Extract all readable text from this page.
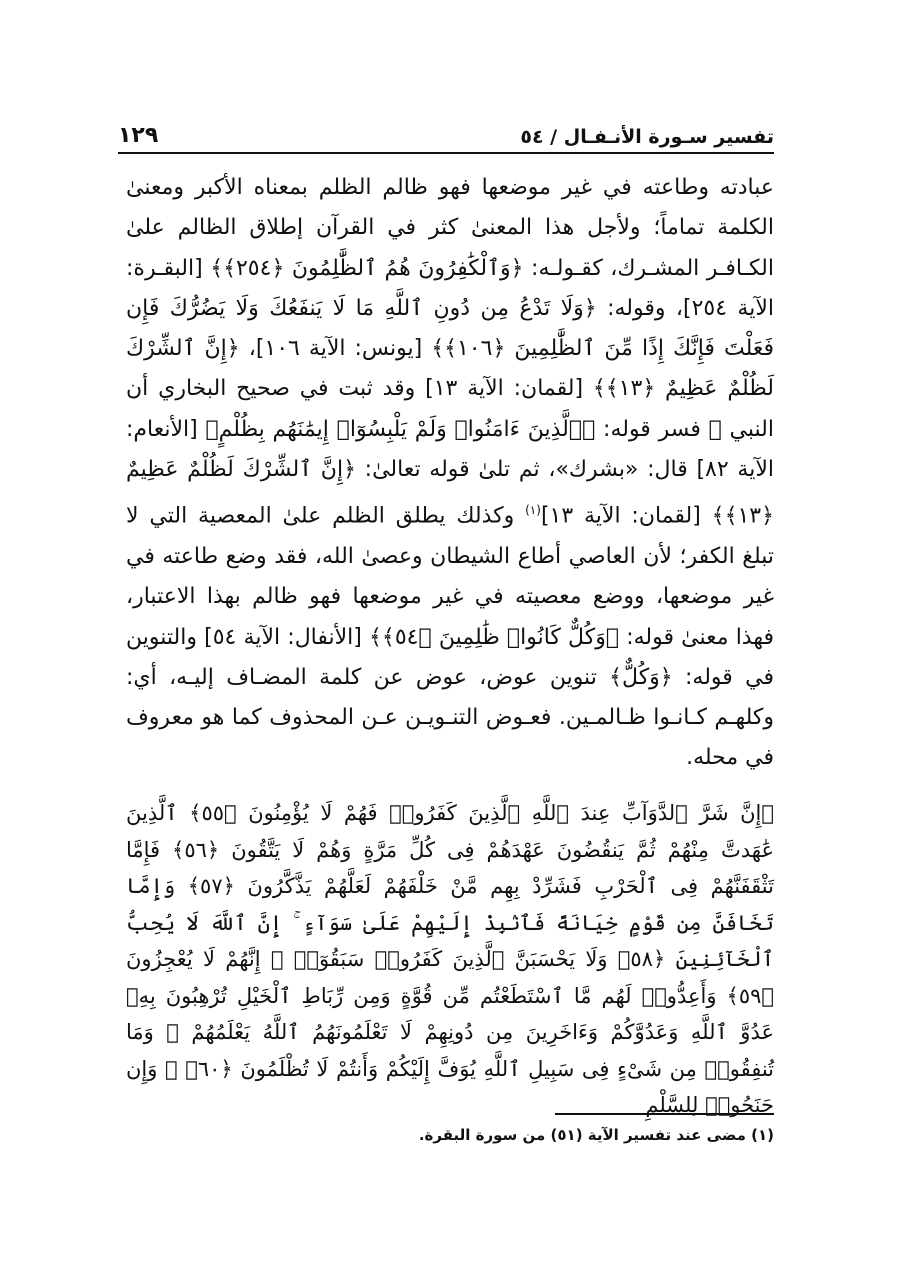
تفسير سـورة الأنـفـال / ٥٤
١٢٩

عبادته وطاعته في غير موضعها فهو ظالم الظلم بمعناه الأكبر ومعنىٰ الكلمة تماماً؛ ولأجل هذا المعنىٰ كثر في القرآن إطلاق الظالم علىٰ الكـافـر المشـرك، كقـولـه: ﴿وَٱلْكَٰفِرُونَ هُمُ ٱلظَّٰلِمُونَ ﴿٢٥٤﴾﴾ [البقـرة: الآية ٢٥٤]، وقوله: ﴿وَلَا تَدْعُ مِن دُونِ ٱللَّهِ مَا لَا يَنفَعُكَ وَلَا يَضُرُّكَ فَإِن فَعَلْتَ فَإِنَّكَ إِذًا مِّنَ ٱلظَّٰلِمِينَ ﴿١٠٦﴾﴾ [يونس: الآية ١٠٦]، ﴿إِنَّ ٱلشِّرْكَ لَظُلْمٌ عَظِيمٌ ﴿١٣﴾﴾ [لقمان: الآية ١٣] وقد ثبت في صحيح البخاري أن النبي ﷺ فسر قوله: ﴿ٱلَّذِينَ ءَامَنُوا۟ وَلَمْ يَلْبِسُوٓا۟ إِيمَٰنَهُم بِظُلْمٍ﴾ [الأنعام: الآية ٨٢] قال: «بشرك»، ثم تلىٰ قوله تعالىٰ: ﴿إِنَّ ٱلشِّرْكَ لَظُلْمٌ عَظِيمٌ ﴿١٣﴾﴾ [لقمان: الآية ١٣]$^{(١)}$ وكذلك يطلق الظلم علىٰ المعصية التي لا تبلغ الكفر؛ لأن العاصي أطاع الشيطان وعصىٰ الله، فقد وضع طاعته في غير موضعها، ووضع معصيته في غير موضعها فهو ظالم بهذا الاعتبار، فهذا معنىٰ قوله: ﴿وَكُلٌّ كَانُوا۟ ظَٰلِمِينَ ﴿٥٤﴾﴾ [الأنفال: الآية ٥٤] والتنوين في قوله: ﴿وَكُلٌّ﴾ تنوين عوض، عوض عن كلمة المضـاف إليـه، أي: وكلهـم كـانـوا ظـالمـين. فعـوض التنـويـن عـن المحذوف كما هو معروف في محله.

﴿إِنَّ شَرَّ ٱلدَّوَآبِّ عِندَ ٱللَّهِ ٱلَّذِينَ كَفَرُوا۟ فَهُمْ لَا يُؤْمِنُونَ ﴿٥٥﴾ ٱلَّذِينَ عَٰهَدتَّ مِنْهُمْ ثُمَّ يَنقُضُونَ عَهْدَهُمْ فِى كُلِّ مَرَّةٍ وَهُمْ لَا يَتَّقُونَ ﴿٥٦﴾ فَإِمَّا تَثْقَفَنَّهُمْ فِى ٱلْحَرْبِ فَشَرِّدْ بِهِم مَّنْ خَلْفَهُمْ لَعَلَّهُمْ يَذَّكَّرُونَ ﴿٥٧﴾ وَإِمَّا تَخَافَنَّ مِن قَوْمٍ خِيَانَةً فَٱنۢبِذْ إِلَيْهِمْ عَلَىٰ سَوَآءٍ ۚ إِنَّ ٱللَّهَ لَا يُحِبُّ ٱلْخَآئِنِينَ ﴿٥٨﴾ وَلَا يَحْسَبَنَّ ٱلَّذِينَ كَفَرُوا۟ سَبَقُوٓا۟ ۚ إِنَّهُمْ لَا يُعْجِزُونَ ﴿٥٩﴾ وَأَعِدُّوا۟ لَهُم مَّا ٱسْتَطَعْتُم مِّن قُوَّةٍ وَمِن رِّبَاطِ ٱلْخَيْلِ تُرْهِبُونَ بِهِۦ عَدُوَّ ٱللَّهِ وَعَدُوَّكُمْ وَءَاخَرِينَ مِن دُونِهِمْ لَا تَعْلَمُونَهُمُ ٱللَّهُ يَعْلَمُهُمْ ۚ وَمَا تُنفِقُوا۟ مِن شَىْءٍ فِى سَبِيلِ ٱللَّهِ يُوَفَّ إِلَيْكُمْ وَأَنتُمْ لَا تُظْلَمُونَ ﴿٦٠﴾ ۞ وَإِن جَنَحُوا۟ لِلسَّلْمِ

(١) مضى عند تفسير الآية (٥١) من سورة البقرة.
